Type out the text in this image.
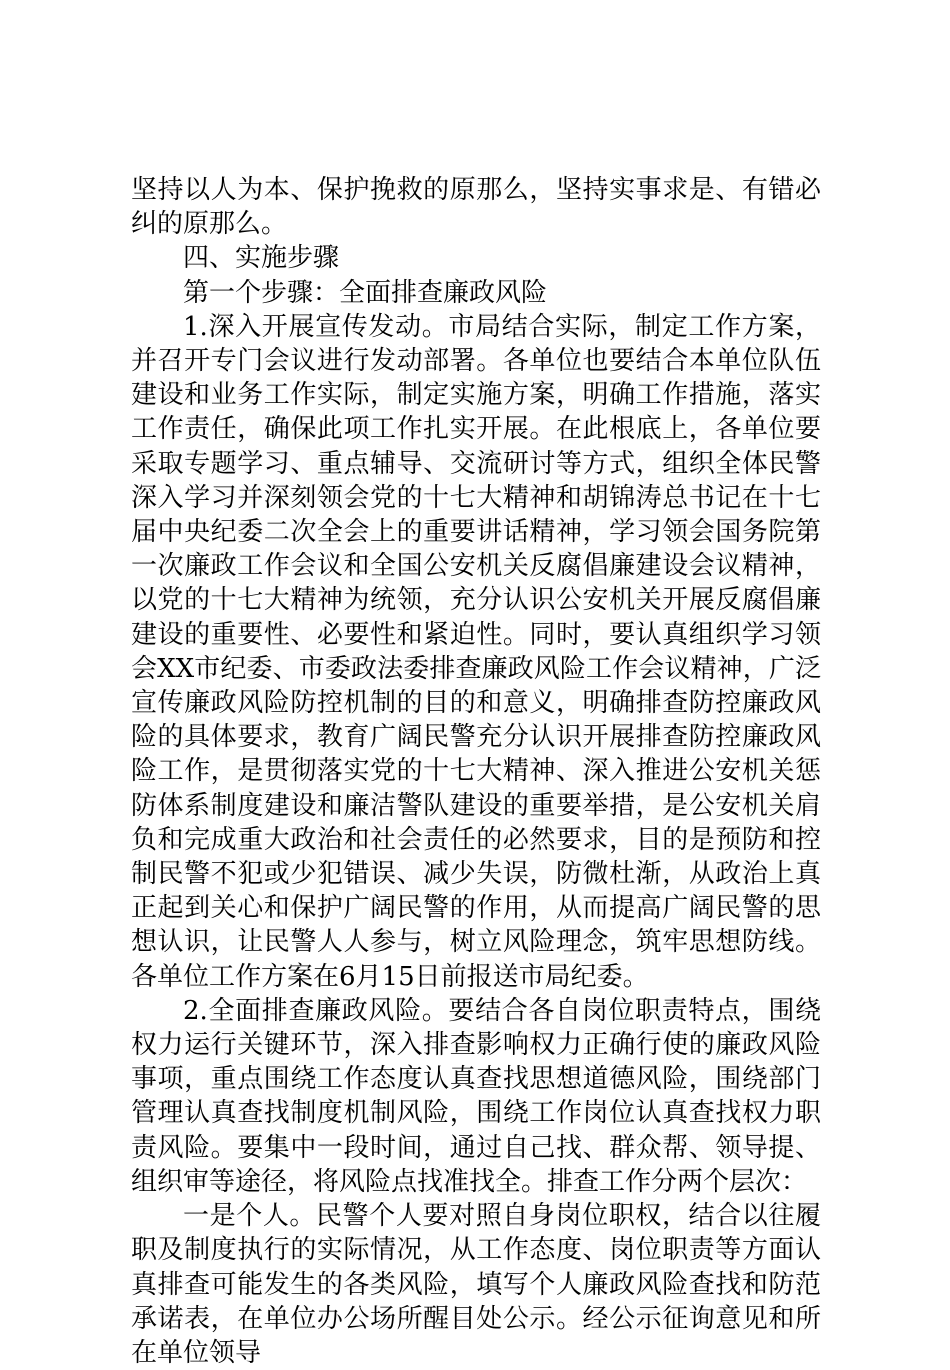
坚持以人为本、保护挽救的原那么，坚持实事求是、有错必纠的原那么。

四、实施步骤

第一个步骤：全面排查廉政风险

1.深入开展宣传发动。市局结合实际，制定工作方案，并召开专门会议进行发动部署。各单位也要结合本单位队伍建设和业务工作实际，制定实施方案，明确工作措施，落实工作责任，确保此项工作扎实开展。在此根底上，各单位要采取专题学习、重点辅导、交流研讨等方式，组织全体民警深入学习并深刻领会党的十七大精神和胡锦涛总书记在十七届中央纪委二次全会上的重要讲话精神，学习领会国务院第一次廉政工作会议和全国公安机关反腐倡廉建设会议精神，以党的十七大精神为统领，充分认识公安机关开展反腐倡廉建设的重要性、必要性和紧迫性。同时，要认真组织学习领会XX市纪委、市委政法委排查廉政风险工作会议精神，广泛宣传廉政风险防控机制的目的和意义，明确排查防控廉政风险的具体要求，教育广阔民警充分认识开展排查防控廉政风险工作，是贯彻落实党的十七大精神、深入推进公安机关惩防体系制度建设和廉洁警队建设的重要举措，是公安机关肩负和完成重大政治和社会责任的必然要求，目的是预防和控制民警不犯或少犯错误、减少失误，防微杜渐，从政治上真正起到关心和保护广阔民警的作用，从而提高广阔民警的思想认识，让民警人人参与，树立风险理念，筑牢思想防线。各单位工作方案在6月15日前报送市局纪委。

2.全面排查廉政风险。要结合各自岗位职责特点，围绕权力运行关键环节，深入排查影响权力正确行使的廉政风险事项，重点围绕工作态度认真查找思想道德风险，围绕部门管理认真查找制度机制风险，围绕工作岗位认真查找权力职责风险。要集中一段时间，通过自己找、群众帮、领导提、组织审等途径，将风险点找准找全。排查工作分两个层次：

一是个人。民警个人要对照自身岗位职权，结合以往履职及制度执行的实际情况，从工作态度、岗位职责等方面认真排查可能发生的各类风险，填写个人廉政风险查找和防范承诺表，在单位办公场所醒目处公示。经公示征询意见和所在单位领导
